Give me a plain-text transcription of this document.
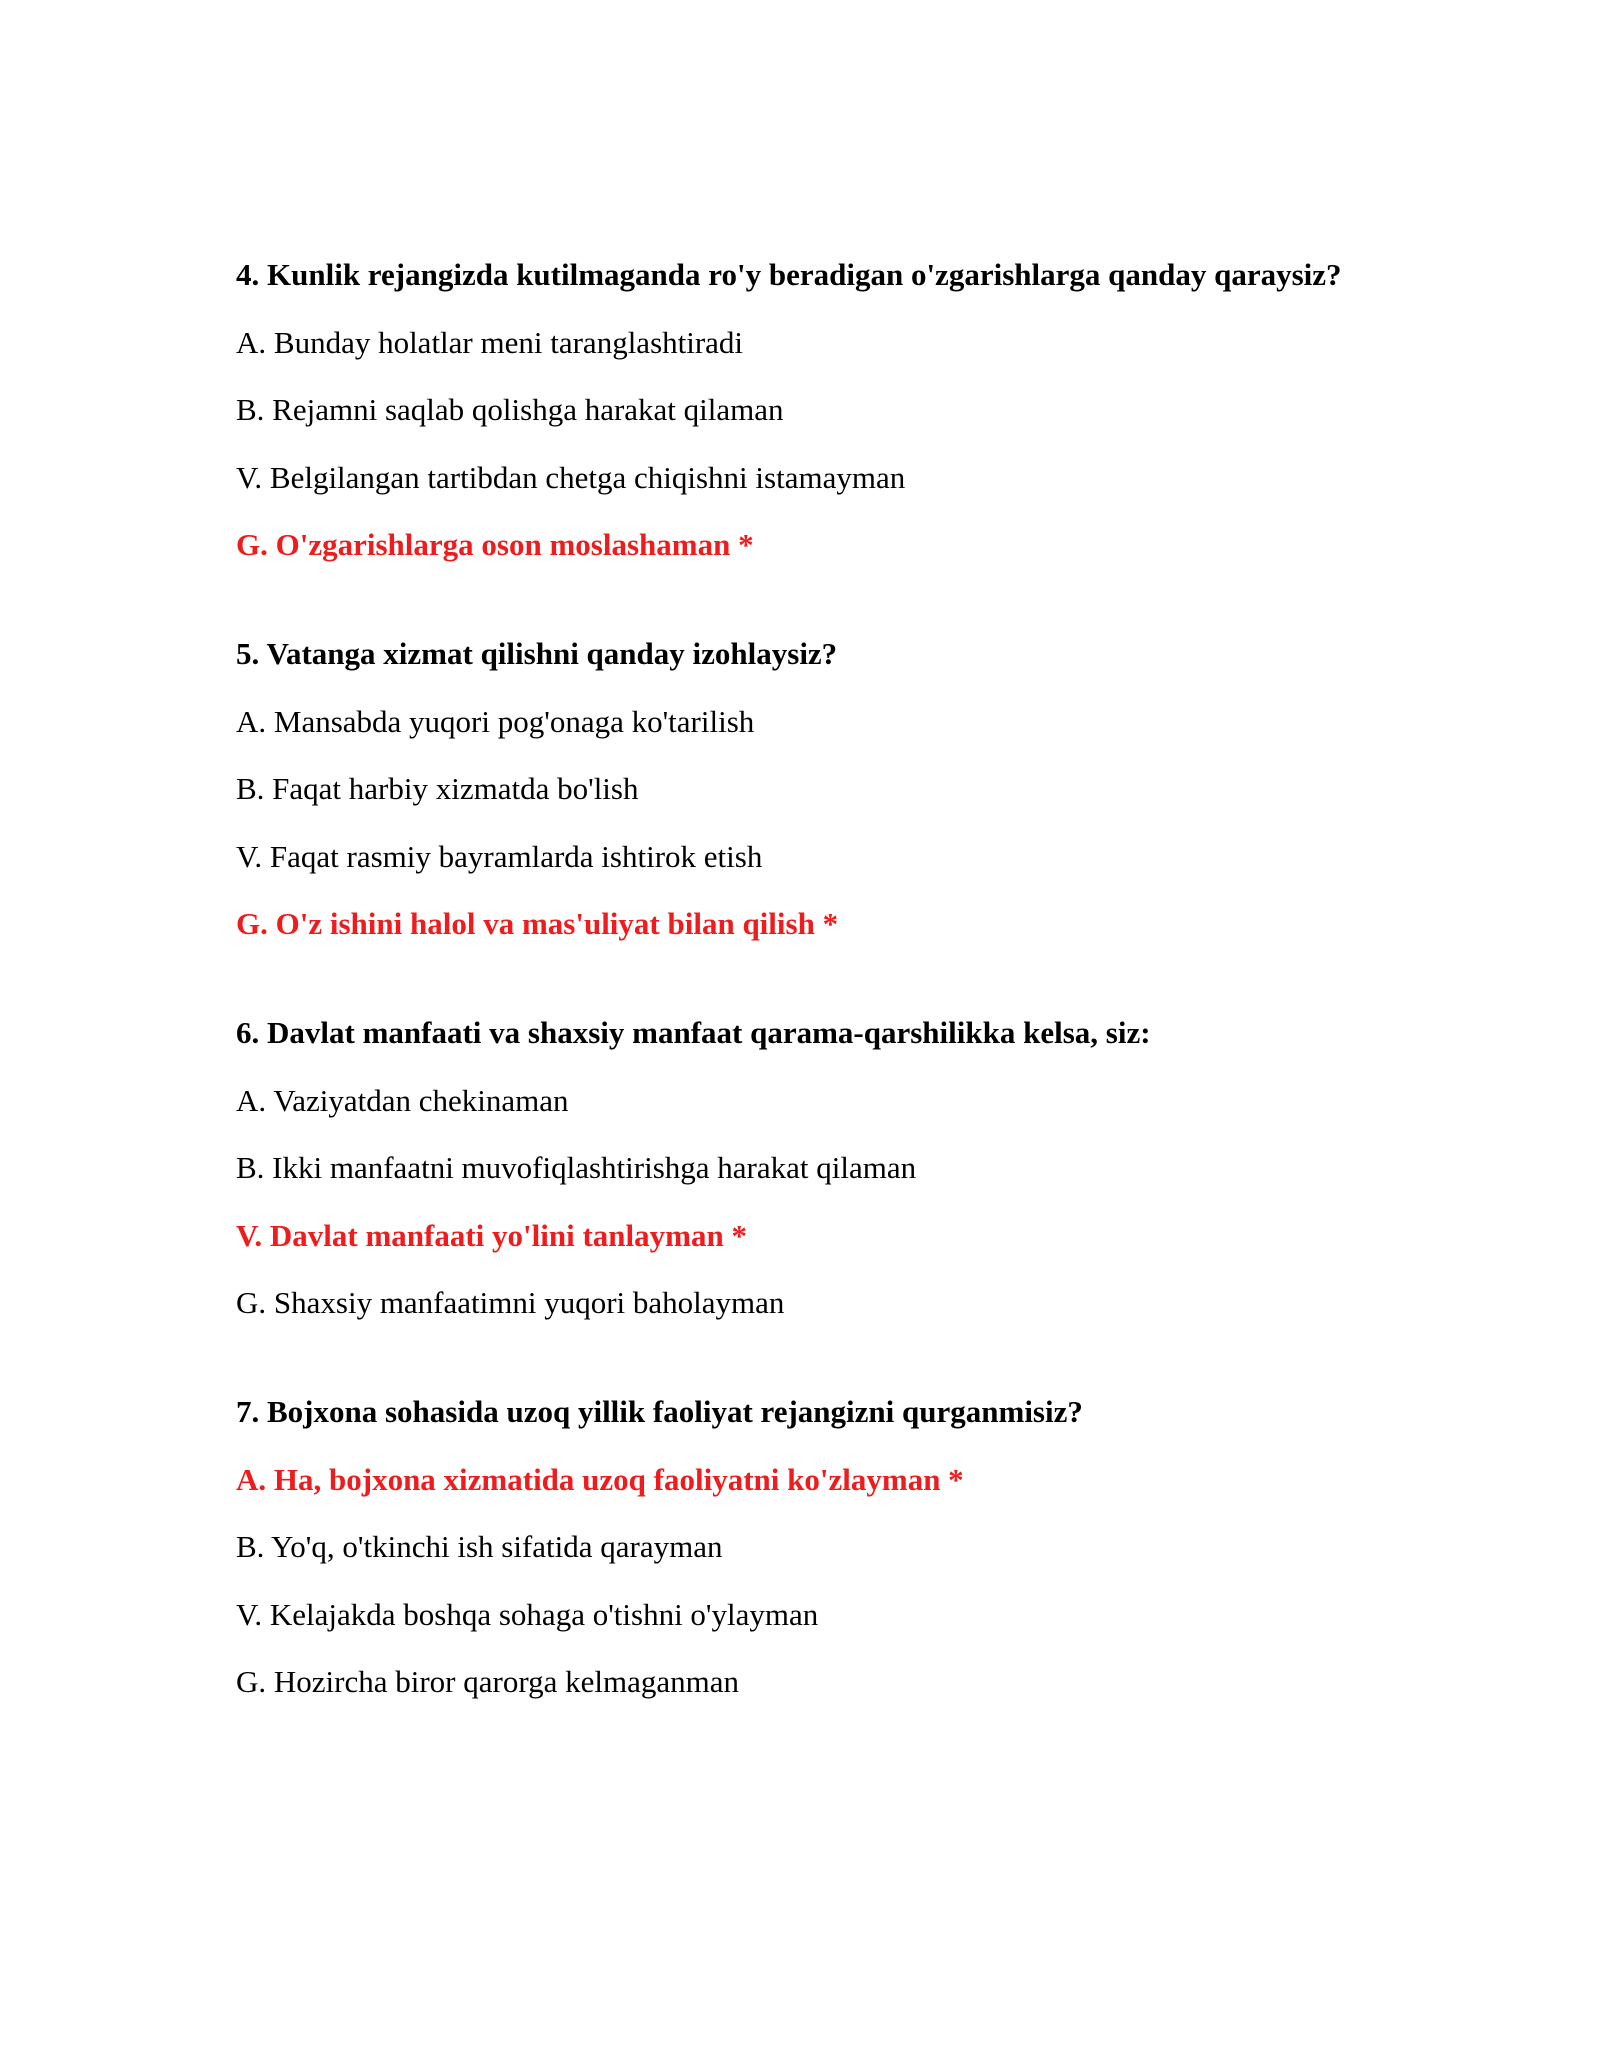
4. Kunlik rejangizda kutilmaganda ro'y beradigan o'zgarishlarga qanday qaraysiz?
A. Bunday holatlar meni taranglashtiradi
B. Rejamni saqlab qolishga harakat qilaman
V. Belgilangan tartibdan chetga chiqishni istamayman
G. O'zgarishlarga oson moslashaman *
5. Vatanga xizmat qilishni qanday izohlaysiz?
A. Mansabda yuqori pog'onaga ko'tarilish
B. Faqat harbiy xizmatda bo'lish
V. Faqat rasmiy bayramlarda ishtirok etish
G. O'z ishini halol va mas'uliyat bilan qilish *
6. Davlat manfaati va shaxsiy manfaat qarama-qarshilikka kelsa, siz:
A. Vaziyatdan chekinaman
B. Ikki manfaatni muvofiqlashtirishga harakat qilaman
V. Davlat manfaati yo'lini tanlayman *
G. Shaxsiy manfaatimni yuqori baholayman
7. Bojxona sohasida uzoq yillik faoliyat rejangizni qurganmisiz?
A. Ha, bojxona xizmatida uzoq faoliyatni ko'zlayman *
B. Yo'q, o'tkinchi ish sifatida qarayman
V. Kelajakda boshqa sohaga o'tishni o'ylayman
G. Hozircha biror qarorga kelmaganman
